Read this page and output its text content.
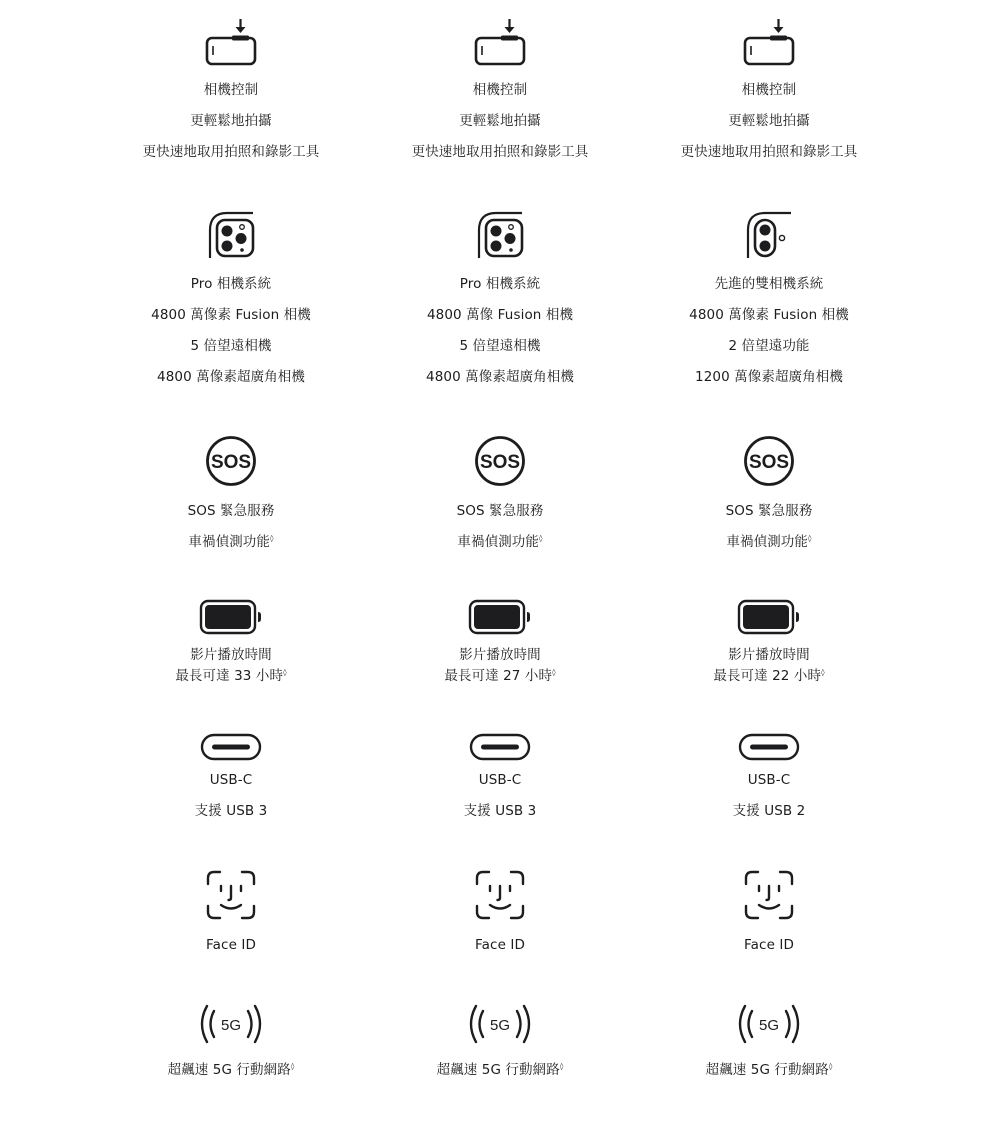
相機控制
更輕鬆地拍攝
更快速地取用拍照和錄影工具
Pro 相機系統
4800 萬像素 Fusion 相機
5 倍望遠相機
4800 萬像素超廣角相機
SOS
SOS 緊急服務
車禍偵測功能◊
影片播放時間
最長可達 33 小時◊
USB‑C
支援 USB 3
Face ID
5G
超飆速 5G 行動網路◊
相機控制
更輕鬆地拍攝
更快速地取用拍照和錄影工具
Pro 相機系統
4800 萬像 Fusion 相機
5 倍望遠相機
4800 萬像素超廣角相機
SOS
SOS 緊急服務
車禍偵測功能◊
影片播放時間
最長可達 27 小時◊
USB‑C
支援 USB 3
Face ID
5G
超飆速 5G 行動網路◊
相機控制
更輕鬆地拍攝
更快速地取用拍照和錄影工具
先進的雙相機系統
4800 萬像素 Fusion 相機
2 倍望遠功能
1200 萬像素超廣角相機
SOS
SOS 緊急服務
車禍偵測功能◊
影片播放時間
最長可達 22 小時◊
USB‑C
支援 USB 2
Face ID
5G
超飆速 5G 行動網路◊
